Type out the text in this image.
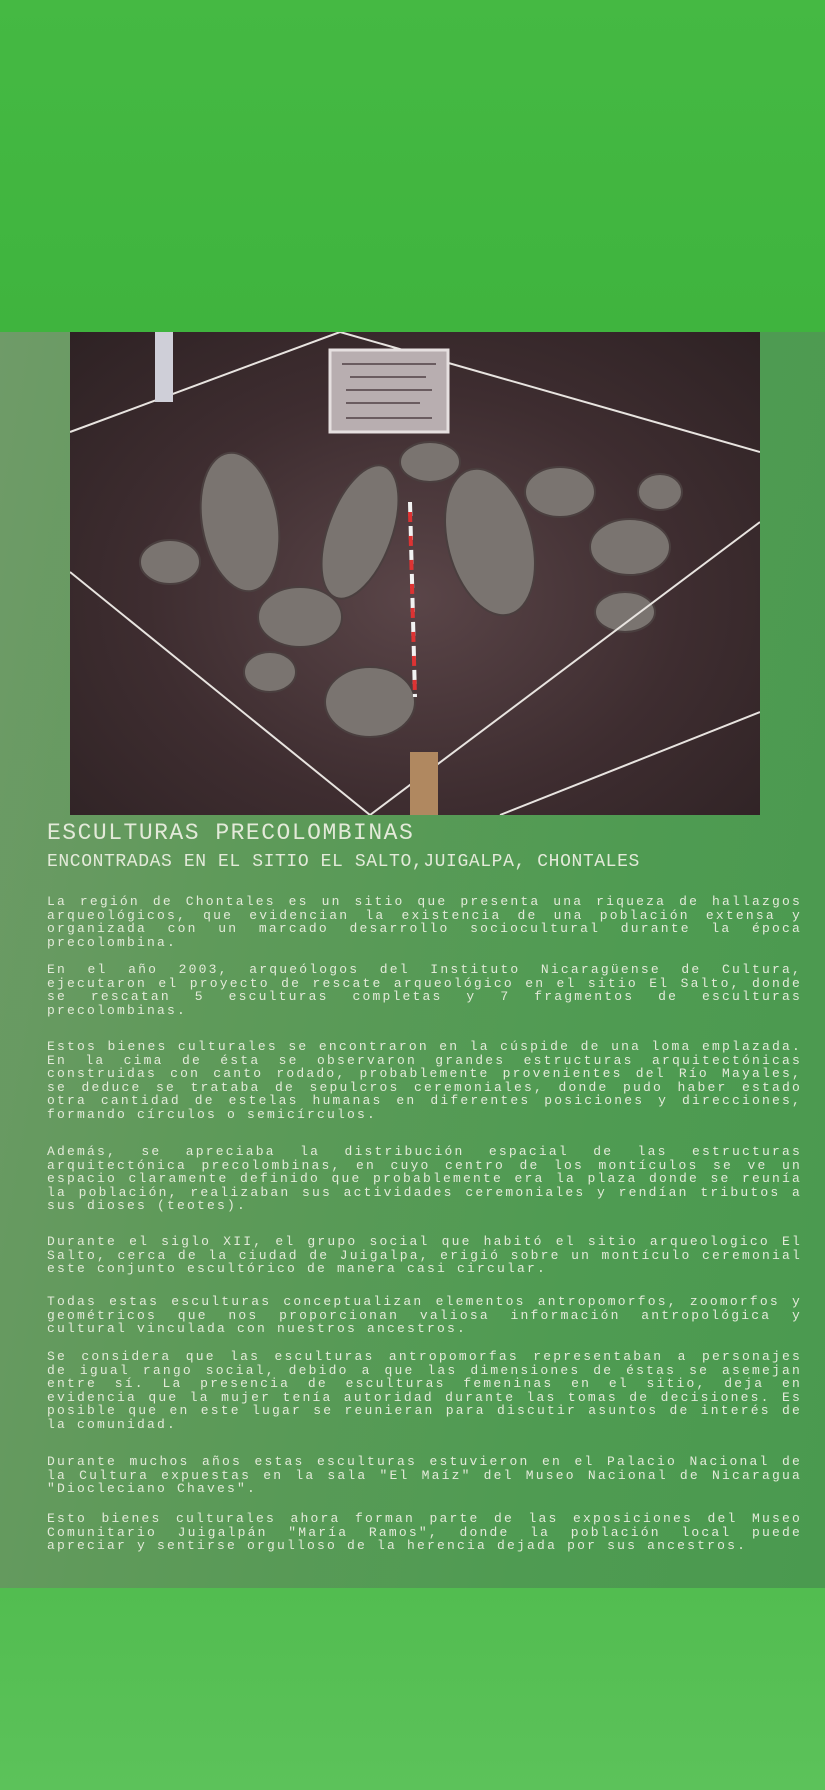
ESCULTURAS PRECOLOMBINAS
ENCONTRADAS EN EL SITIO EL SALTO,JUIGALPA, CHONTALES
La región de Chontales es un sitio que presenta una riqueza de hallazgos
arqueológicos, que evidencian la existencia de una población extensa y
organizada con un marcado desarrollo sociocultural durante la época
precolombina.
En el año 2003, arqueólogos del Instituto Nicaragüense de Cultura,
ejecutaron el proyecto de rescate arqueológico en el sitio El Salto, donde
se rescatan 5 esculturas completas y 7 fragmentos de esculturas
precolombinas.
Estos bienes culturales se encontraron en la cúspide de una loma emplazada.
En la cima de ésta se observaron grandes estructuras arquitectónicas
construidas con canto rodado, probablemente provenientes del Río Mayales,
se deduce se trataba de sepulcros ceremoniales, donde pudo haber estado
otra cantidad de estelas humanas en diferentes posiciones y direcciones,
formando círculos o semicírculos.
Además, se apreciaba la distribución espacial de las estructuras
arquitectónica precolombinas, en cuyo centro de los montículos se ve un
espacio claramente definido que probablemente era la plaza donde se reunía
la población, realizaban sus actividades ceremoniales y rendían tributos a
sus dioses (teotes).
Durante el siglo XII, el grupo social que habitó el sitio arqueologico El
Salto, cerca de la ciudad de Juigalpa, erigió sobre un montículo ceremonial
este conjunto escultórico de manera casi circular.
Todas estas esculturas conceptualizan elementos antropomorfos, zoomorfos y
geométricos que nos proporcionan valiosa información antropológica y
cultural vinculada con nuestros ancestros.
Se considera que las esculturas antropomorfas representaban a personajes
de igual rango social, debido a que las dimensiones de éstas se asemejan
entre sí. La presencia de esculturas femeninas en el sitio, deja en
evidencia que la mujer tenía autoridad durante las tomas de decisiones. Es
posible que en este lugar se reunieran para discutir asuntos de interés de
la comunidad.
Durante muchos años estas esculturas estuvieron en el Palacio Nacional de
la Cultura expuestas en la sala "El Maíz" del Museo Nacional de Nicaragua
"Diocleciano Chaves".
Esto bienes culturales ahora forman parte de las exposiciones del Museo
Comunitario Juigalpán "María Ramos", donde la población local puede
apreciar y sentirse orgulloso de la herencia dejada por sus ancestros.
